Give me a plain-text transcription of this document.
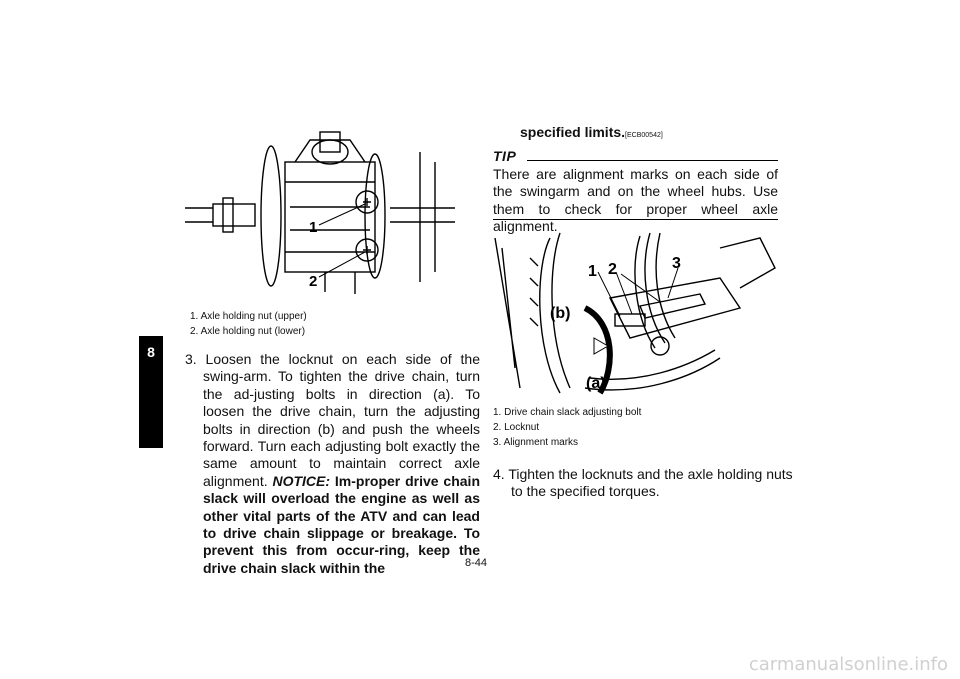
8
1
2
1. Axle holding nut (upper)
2. Axle holding nut (lower)
3. Loosen the locknut on each side of the swing-arm. To tighten the drive chain, turn the ad-justing bolts in direction (a). To loosen the drive chain, turn the adjusting bolts in direction (b) and push the wheels forward. Turn each adjusting bolt exactly the same amount to maintain correct axle alignment. NOTICE: Im-proper drive chain slack will overload the engine as well as other vital parts of the ATV and can lead to drive chain slippage or breakage. To prevent this from occur-ring, keep the drive chain slack within the
specified limits.[ECB00542]
TIP
There are alignment marks on each side of the swingarm and on the wheel hubs. Use them to check for proper wheel axle alignment.
1 2	3
(b)
(a)
1. Drive chain slack adjusting bolt
2. Locknut
3. Alignment marks
4. Tighten the locknuts and the axle holding nuts to the specified torques.
8-44
carmanualsonline.info
